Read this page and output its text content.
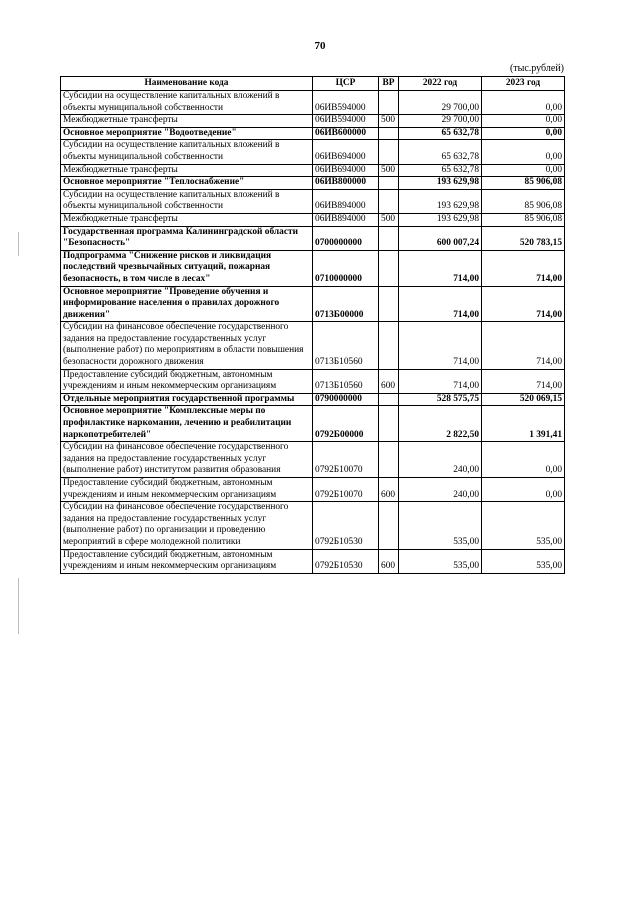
70
(тыс.рублей)
Наименование кода	ЦСР	ВР	2022 год	2023 год
Субсидии на осуществление капитальных вложений в объекты муниципальной собственности	06ИВ594000		29 700,00	0,00
Межбюджетные трансферты	06ИВ594000	500	29 700,00	0,00
Основное мероприятие "Водоотведение"	06ИВ600000		65 632,78	0,00
Субсидии на осуществление капитальных вложений в объекты муниципальной собственности	06ИВ694000		65 632,78	0,00
Межбюджетные трансферты	06ИВ694000	500	65 632,78	0,00
Основное мероприятие "Теплоснабжение"	06ИВ800000		193 629,98	85 906,08
Субсидии на осуществление капитальных вложений в объекты муниципальной собственности	06ИВ894000		193 629,98	85 906,08
Межбюджетные трансферты	06ИВ894000	500	193 629,98	85 906,08
Государственная программа Калининградской области "Безопасность"	0700000000		600 007,24	520 783,15
Подпрограмма "Снижение рисков и ликвидация последствий чрезвычайных ситуаций, пожарная безопасность, в том числе в лесах"	0710000000		714,00	714,00
Основное мероприятие "Проведение обучения и информирование населения о правилах дорожного движения"	0713Б00000		714,00	714,00
Субсидии на финансовое обеспечение государственного задания на предоставление государственных услуг (выполнение работ) по мероприятиям в области повышения безопасности дорожного движения	0713Б10560		714,00	714,00
Предоставление субсидий бюджетным, автономным учреждениям и иным некоммерческим организациям	0713Б10560	600	714,00	714,00
Отдельные мероприятия государственной программы	0790000000		528 575,75	520 069,15
Основное мероприятие "Комплексные меры по профилактике наркомании, лечению и реабилитации наркопотребителей"	0792Б00000		2 822,50	1 391,41
Субсидии на финансовое обеспечение государственного задания на предоставление государственных услуг (выполнение работ) институтом развития образования	0792Б10070		240,00	0,00
Предоставление субсидий бюджетным, автономным учреждениям и иным некоммерческим организациям	0792Б10070	600	240,00	0,00
Субсидии на финансовое обеспечение государственного задания на предоставление государственных услуг (выполнение работ) по организации и проведению мероприятий в сфере молодежной политики	0792Б10530		535,00	535,00
Предоставление субсидий бюджетным, автономным учреждениям и иным некоммерческим организациям	0792Б10530	600	535,00	535,00
